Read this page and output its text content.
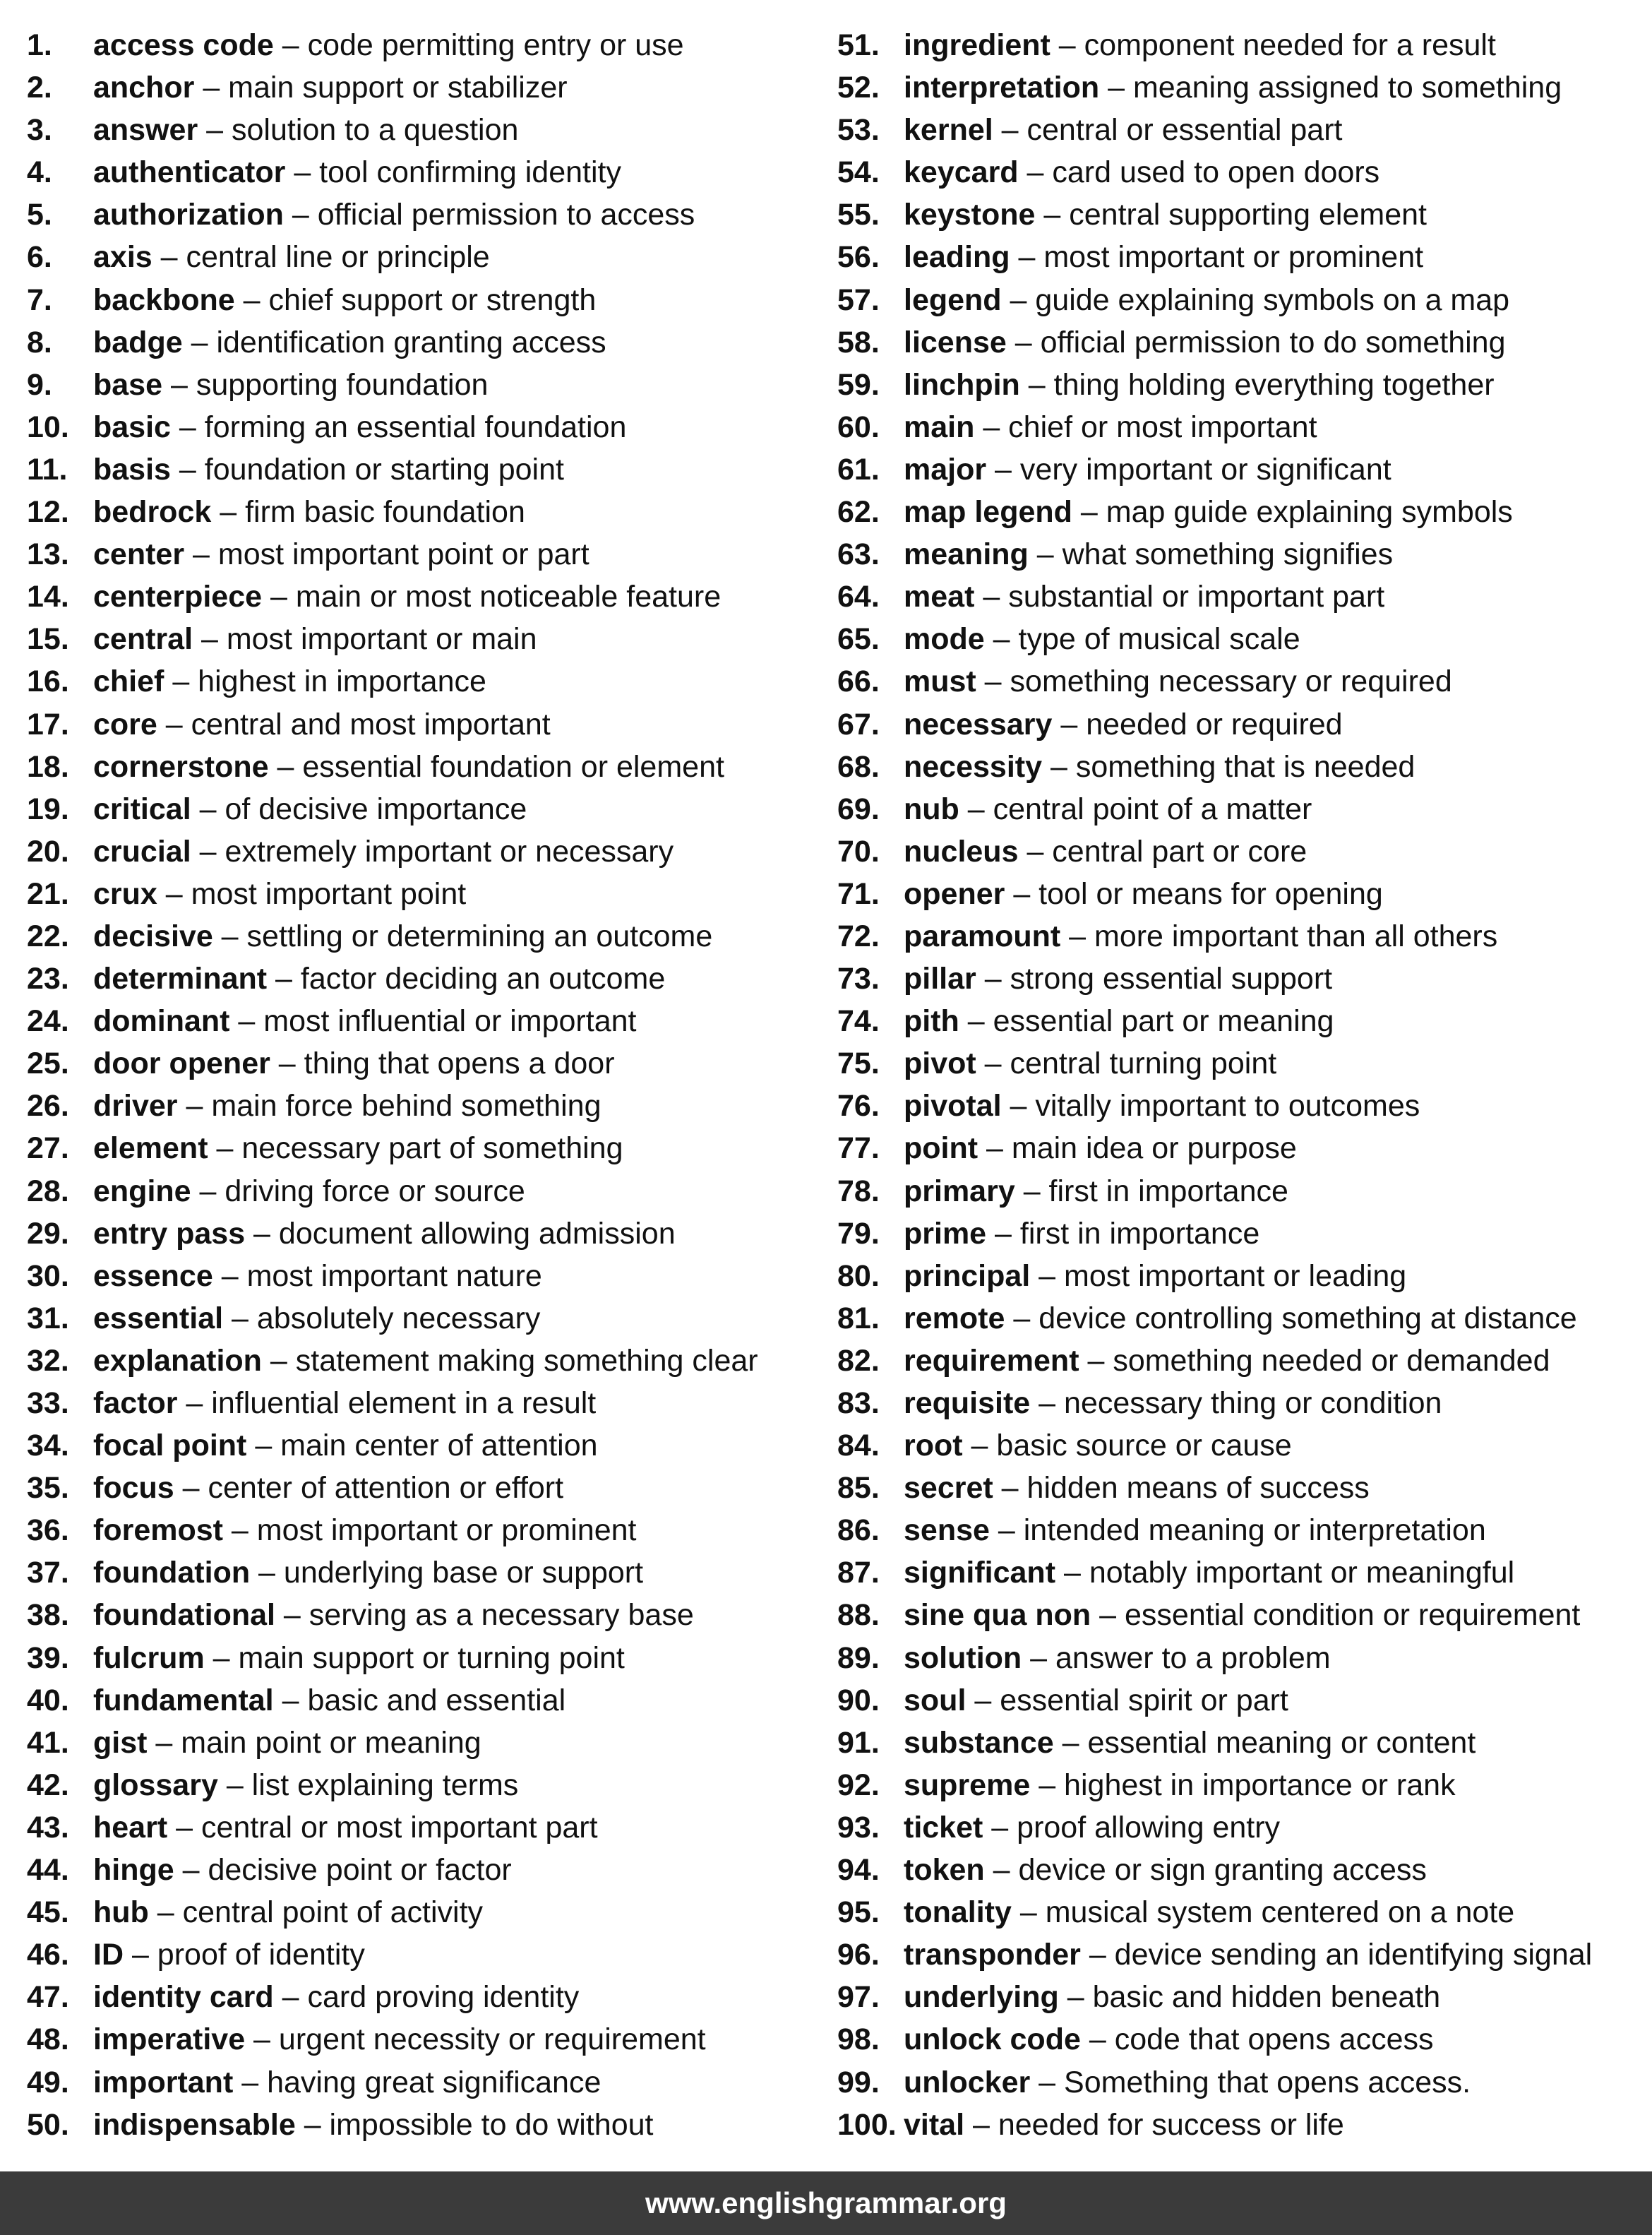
1.	access code – code permitting entry or use
2.	anchor – main support or stabilizer
3.	answer – solution to a question
4.	authenticator – tool confirming identity
5.	authorization – official permission to access
6.	axis – central line or principle
7.	backbone – chief support or strength
8.	badge – identification granting access
9.	base – supporting foundation
10. basic – forming an essential foundation
11. basis – foundation or starting point
12. bedrock – firm basic foundation
13. center – most important point or part
14. centerpiece – main or most noticeable feature
15. central – most important or main
16. chief – highest in importance
17. core – central and most important
18. cornerstone – essential foundation or element
19. critical – of decisive importance
20. crucial – extremely important or necessary
21. crux – most important point
22. decisive – settling or determining an outcome
23. determinant – factor deciding an outcome
24. dominant – most influential or important
25. door opener – thing that opens a door
26. driver – main force behind something
27. element – necessary part of something
28. engine – driving force or source
29. entry pass – document allowing admission
30. essence – most important nature
31. essential – absolutely necessary
32. explanation – statement making something clear
33. factor – influential element in a result
34. focal point – main center of attention
35. focus – center of attention or effort
36. foremost – most important or prominent
37. foundation – underlying base or support
38. foundational – serving as a necessary base
39. fulcrum – main support or turning point
40. fundamental – basic and essential
41. gist – main point or meaning
42. glossary – list explaining terms
43. heart – central or most important part
44. hinge – decisive point or factor
45. hub – central point of activity
46. ID – proof of identity
47. identity card – card proving identity
48. imperative – urgent necessity or requirement
49. important – having great significance
50. indispensable – impossible to do without
51. ingredient – component needed for a result
52. interpretation – meaning assigned to something
53. kernel – central or essential part
54. keycard – card used to open doors
55. keystone – central supporting element
56. leading – most important or prominent
57. legend – guide explaining symbols on a map
58. license – official permission to do something
59. linchpin – thing holding everything together
60. main – chief or most important
61. major – very important or significant
62. map legend – map guide explaining symbols
63. meaning – what something signifies
64. meat – substantial or important part
65. mode – type of musical scale
66. must – something necessary or required
67. necessary – needed or required
68. necessity – something that is needed
69. nub – central point of a matter
70. nucleus – central part or core
71. opener – tool or means for opening
72. paramount – more important than all others
73. pillar – strong essential support
74. pith – essential part or meaning
75. pivot – central turning point
76. pivotal – vitally important to outcomes
77. point – main idea or purpose
78. primary – first in importance
79. prime – first in importance
80. principal – most important or leading
81. remote – device controlling something at distance
82. requirement – something needed or demanded
83. requisite – necessary thing or condition
84. root – basic source or cause
85. secret – hidden means of success
86. sense – intended meaning or interpretation
87. significant – notably important or meaningful
88. sine qua non – essential condition or requirement
89. solution – answer to a problem
90. soul – essential spirit or part
91. substance – essential meaning or content
92. supreme – highest in importance or rank
93. ticket – proof allowing entry
94. token – device or sign granting access
95. tonality – musical system centered on a note
96. transponder – device sending an identifying signal
97. underlying – basic and hidden beneath
98. unlock code – code that opens access
99. unlocker – Something that opens access.
100. vital – needed for success or life
www.englishgrammar.org
